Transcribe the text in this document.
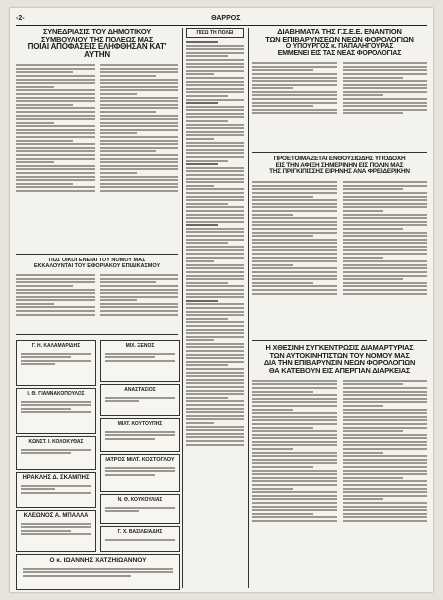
-2-	ΘΑΡΡΟΣ
ΣΥΝΕΔΡΙΑΣΙΣ ΤΟΥ ΔΗΜΟΤΙΚΟΥ
ΣΥΜΒΟΥΛΙΟΥ ΤΗΣ ΠΟΛΕΩΣ ΜΑΣ
ΠΟΙΑΙ ΑΠΟΦΑΣΕΙΣ ΕΛΗΦΘΗΣΑΝ ΚΑΤ' ΑΥΤΗΝ
ΠΩΣ ΟΙΚΟΓΕΝΕΙΑΙ ΤΟΥ ΝΟΜΟΥ ΜΑΣ
ΕΚΚΑΛΟΥΝΤΑΙ ΤΟΥ ΕΦΟΡΙΑΚΟΥ ΕΠΙΔΙΚΑΣΜΟΥ
Γ. Η. ΚΑΛΑΜΑΡΙΔΗΣ
Ι. Θ. ΓΙΑΝΝΑΚΟΠΟΥΛΟΣ
ΚΩΝΣΤ. Ι. ΚΟΛΟΚΥΘΑΣ
ΗΡΑΚΛΗΣ Δ. ΣΚΑΜΠΗΣ
ΚΛΕΩΝΟΣ Α. ΜΠΑΛΛΑ
Ο κ. ΙΩΑΝΝΗΣ ΧΑΤΖΗΙΩΑΝΝΟΥ
ΜΙΧ. ΞΕΝΟΣ
ΑΝΑΣΤΑΣΙΟΣ
ΜΙΛΤ. ΚΟΥΤΟΥΠΗΣ
ΙΑΤΡΟΣ ΜΙΛΤ. ΚΟΣΤΟΓΛΟΥ
Ν. Θ. ΚΟΥΚΟΥΛΙΑΣ
Γ. Χ. ΒΑΣΙΛΕΙΑΔΗΣ
ΠΙΣΩ ΤΗ ΠΟΛΕΙ	ΔΙΑΒΗΜΑΤΑ ΤΗΣ Γ.Σ.Ε.Ε. ΕΝΑΝΤΙΟΝ
ΤΩΝ ΕΠΙΒΑΡΥΝΣΕΩΝ ΝΕΩΝ ΦΟΡΟΛΟΓΙΩΝ
Ο ΥΠΟΥΡΓΟΣ κ. ΠΑΠΑΛΗΓΟΥΡΑΣ
ΕΜΜΕΝΕΙ ΕΙΣ ΤΑΣ ΝΕΑΣ ΦΟΡΟΛΟΓΙΑΣ
ΠΡΟΕΤΟΙΜΑΖΕΤΑΙ ΕΝΘΟΥΣΙΩΔΗΣ ΥΠΟΔΟΧΗ
ΕΙΣ ΤΗΝ ΑΦΙΞΗ ΣΗΜΕΡΙΝΗΝ ΕΙΣ ΠΟΛΙΝ ΜΑΣ
ΤΗΣ ΠΡΙΓΚΙΠΙΣΣΗΣ ΕΙΡΗΝΗΣ ΑΝΑ ΦΡΕΙΔΕΡΙΚΗΝ
Η ΧΘΕΣΙΝΗ ΣΥΓΚΕΝΤΡΩΣΙΣ ΔΙΑΜΑΡΤΥΡΙΑΣ
ΤΩΝ ΑΥΤΟΚΙΝΗΤΙΣΤΩΝ ΤΟΥ ΝΟΜΟΥ ΜΑΣ
ΔΙΑ ΤΗΝ ΕΠΙΒΑΡΥΝΣΙΝ ΝΕΩΝ ΦΟΡΟΛΟΓΙΩΝ
ΘΑ ΚΑΤΕΒΟΥΝ ΕΙΣ ΑΠΕΡΓΙΑΝ ΔΙΑΡΚΕΙΑΣ
